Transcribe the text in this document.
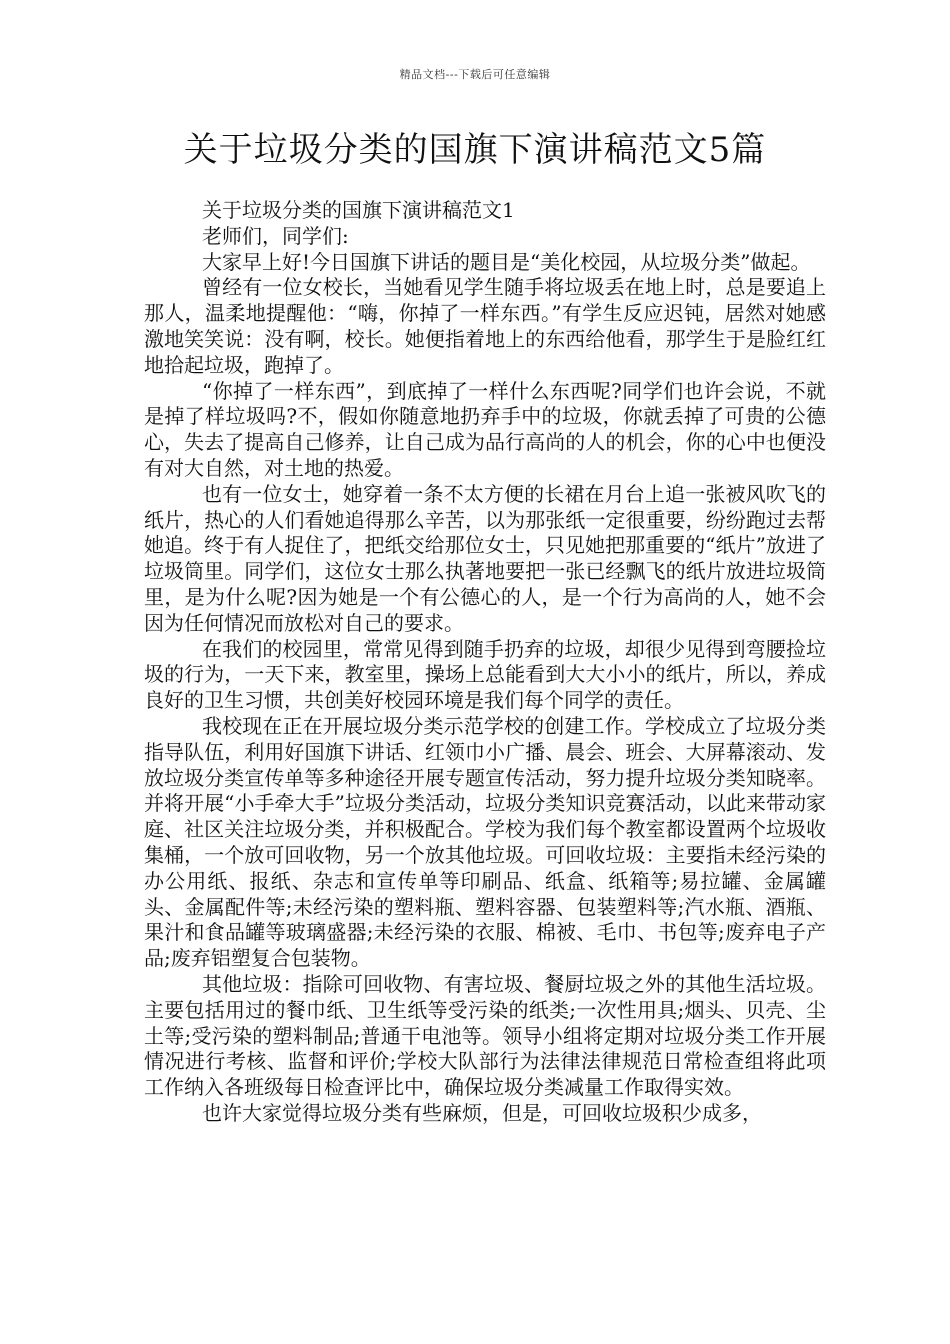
精品文档---下载后可任意编辑
关于垃圾分类的国旗下演讲稿范文5篇

关于垃圾分类的国旗下演讲稿范文1

老师们，同学们:

大家早上好!今日国旗下讲话的题目是“美化校园，从垃圾分类”做起。

曾经有一位女校长，当她看见学生随手将垃圾丢在地上时，总是要追上那人，温柔地提醒他：“嗨，你掉了一样东西。”有学生反应迟钝，居然对她感激地笑笑说：没有啊，校长。她便指着地上的东西给他看，那学生于是脸红红地拾起垃圾，跑掉了。

“你掉了一样东西”，到底掉了一样什么东西呢?同学们也许会说，不就是掉了样垃圾吗?不，假如你随意地扔弃手中的垃圾，你就丢掉了可贵的公德心，失去了提高自己修养，让自己成为品行高尚的人的机会，你的心中也便没有对大自然，对土地的热爱。

也有一位女士，她穿着一条不太方便的长裙在月台上追一张被风吹飞的纸片，热心的人们看她追得那么辛苦，以为那张纸一定很重要，纷纷跑过去帮她追。终于有人捉住了，把纸交给那位女士，只见她把那重要的“纸片”放进了垃圾筒里。同学们，这位女士那么执著地要把一张已经飘飞的纸片放进垃圾筒里，是为什么呢?因为她是一个有公德心的人，是一个行为高尚的人，她不会因为任何情况而放松对自己的要求。

在我们的校园里，常常见得到随手扔弃的垃圾，却很少见得到弯腰捡垃圾的行为，一天下来，教室里，操场上总能看到大大小小的纸片，所以，养成良好的卫生习惯，共创美好校园环境是我们每个同学的责任。

我校现在正在开展垃圾分类示范学校的创建工作。学校成立了垃圾分类指导队伍，利用好国旗下讲话、红领巾小广播、晨会、班会、大屏幕滚动、发放垃圾分类宣传单等多种途径开展专题宣传活动，努力提升垃圾分类知晓率。并将开展“小手牵大手”垃圾分类活动，垃圾分类知识竞赛活动，以此来带动家庭、社区关注垃圾分类，并积极配合。学校为我们每个教室都设置两个垃圾收集桶，一个放可回收物，另一个放其他垃圾。可回收垃圾：主要指未经污染的办公用纸、报纸、杂志和宣传单等印刷品、纸盒、纸箱等;易拉罐、金属罐头、金属配件等;未经污染的塑料瓶、塑料容器、包装塑料等;汽水瓶、酒瓶、果汁和食品罐等玻璃盛器;未经污染的衣服、棉被、毛巾、书包等;废弃电子产品;废弃铝塑复合包装物。

其他垃圾：指除可回收物、有害垃圾、餐厨垃圾之外的其他生活垃圾。主要包括用过的餐巾纸、卫生纸等受污染的纸类;一次性用具;烟头、贝壳、尘土等;受污染的塑料制品;普通干电池等。领导小组将定期对垃圾分类工作开展情况进行考核、监督和评价;学校大队部行为法律法律规范日常检查组将此项工作纳入各班级每日检查评比中，确保垃圾分类减量工作取得实效。

也许大家觉得垃圾分类有些麻烦，但是，可回收垃圾积少成多，
